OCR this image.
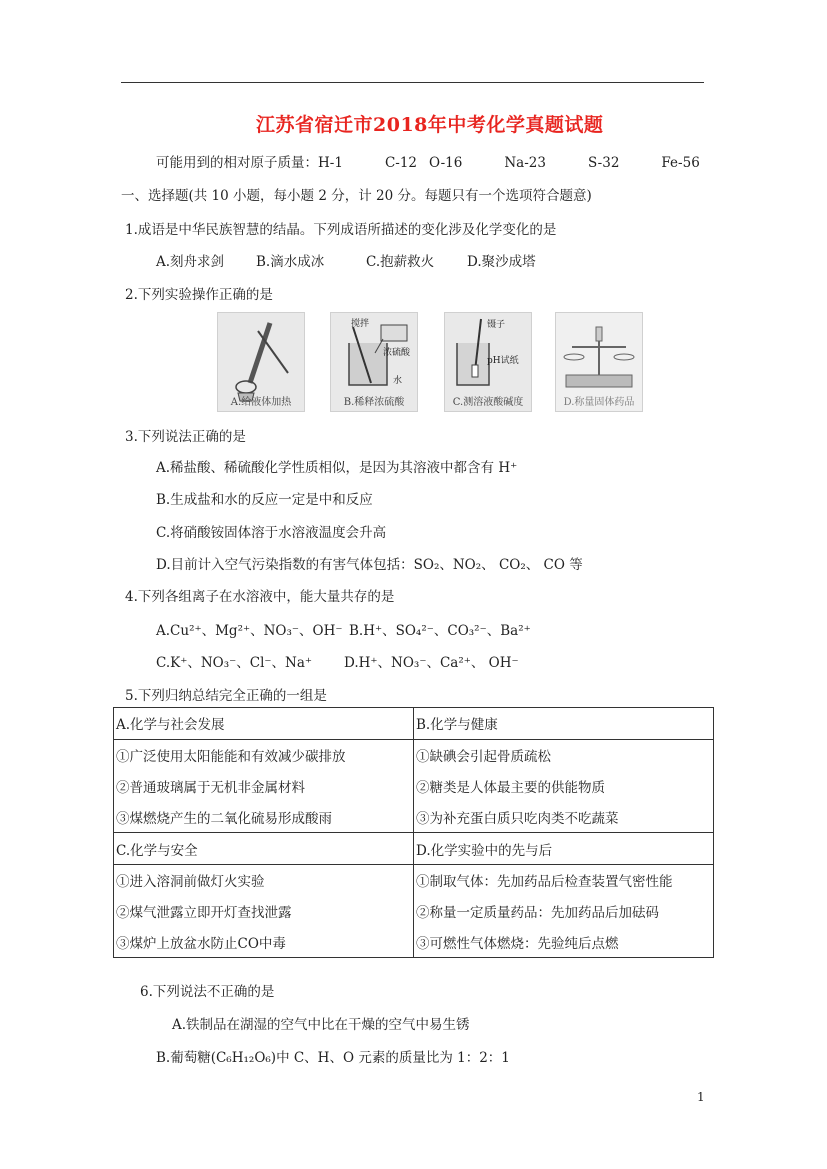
江苏省宿迁市2018年中考化学真题试题
可能用到的相对原子质量：H-1	C-12 O-16	Na-23	S-32	Fe-56
一、选择题(共 10 小题，每小题 2 分，计 20 分。每题只有一个选项符合题意)
1.成语是中华民族智慧的结晶。下列成语所描述的变化涉及化学变化的是
A.刻舟求剑 B.滴水成冰	C.抱薪救火 D.聚沙成塔
2.下列实验操作正确的是
A.给液体加热
搅拌
浓硫酸
水
B.稀释浓硫酸
镊子
pH试纸
C.测溶液酸碱度	D.称量固体药品
3.下列说法正确的是
A.稀盐酸、稀硫酸化学性质相似，是因为其溶液中都含有 H⁺
B.生成盐和水的反应一定是中和反应
C.将硝酸铵固体溶于水溶液温度会升高
D.目前计入空气污染指数的有害气体包括：SO₂、NO₂、 CO₂、 CO 等
4.下列各组离子在水溶液中，能大量共存的是
A.Cu²⁺、Mg²⁺、NO₃⁻、OH⁻ B.H⁺、SO₄²⁻、CO₃²⁻、Ba²⁺
C.K⁺、NO₃⁻、Cl⁻、Na⁺ D.H⁺、NO₃⁻、Ca²⁺、 OH⁻
5.下列归纳总结完全正确的一组是
A.化学与社会发展	B.化学与健康
①广泛使用太阳能能和有效减少碳排放	①缺碘会引起骨质疏松
②普通玻璃属于无机非金属材料	②糖类是人体最主要的供能物质
③煤燃烧产生的二氧化硫易形成酸雨	③为补充蛋白质只吃肉类不吃蔬菜
C.化学与安全	D.化学实验中的先与后
①进入溶洞前做灯火实验	①制取气体：先加药品后检查装置气密性能
②煤气泄露立即开灯查找泄露	②称量一定质量药品：先加药品后加砝码
③煤炉上放盆水防止CO中毒	③可燃性气体燃烧：先验纯后点燃
6.下列说法不正确的是
A.铁制品在湖湿的空气中比在干燥的空气中易生锈
B.葡萄糖(C₆H₁₂O₆)中 C、H、O 元素的质量比为 1：2：1
1
